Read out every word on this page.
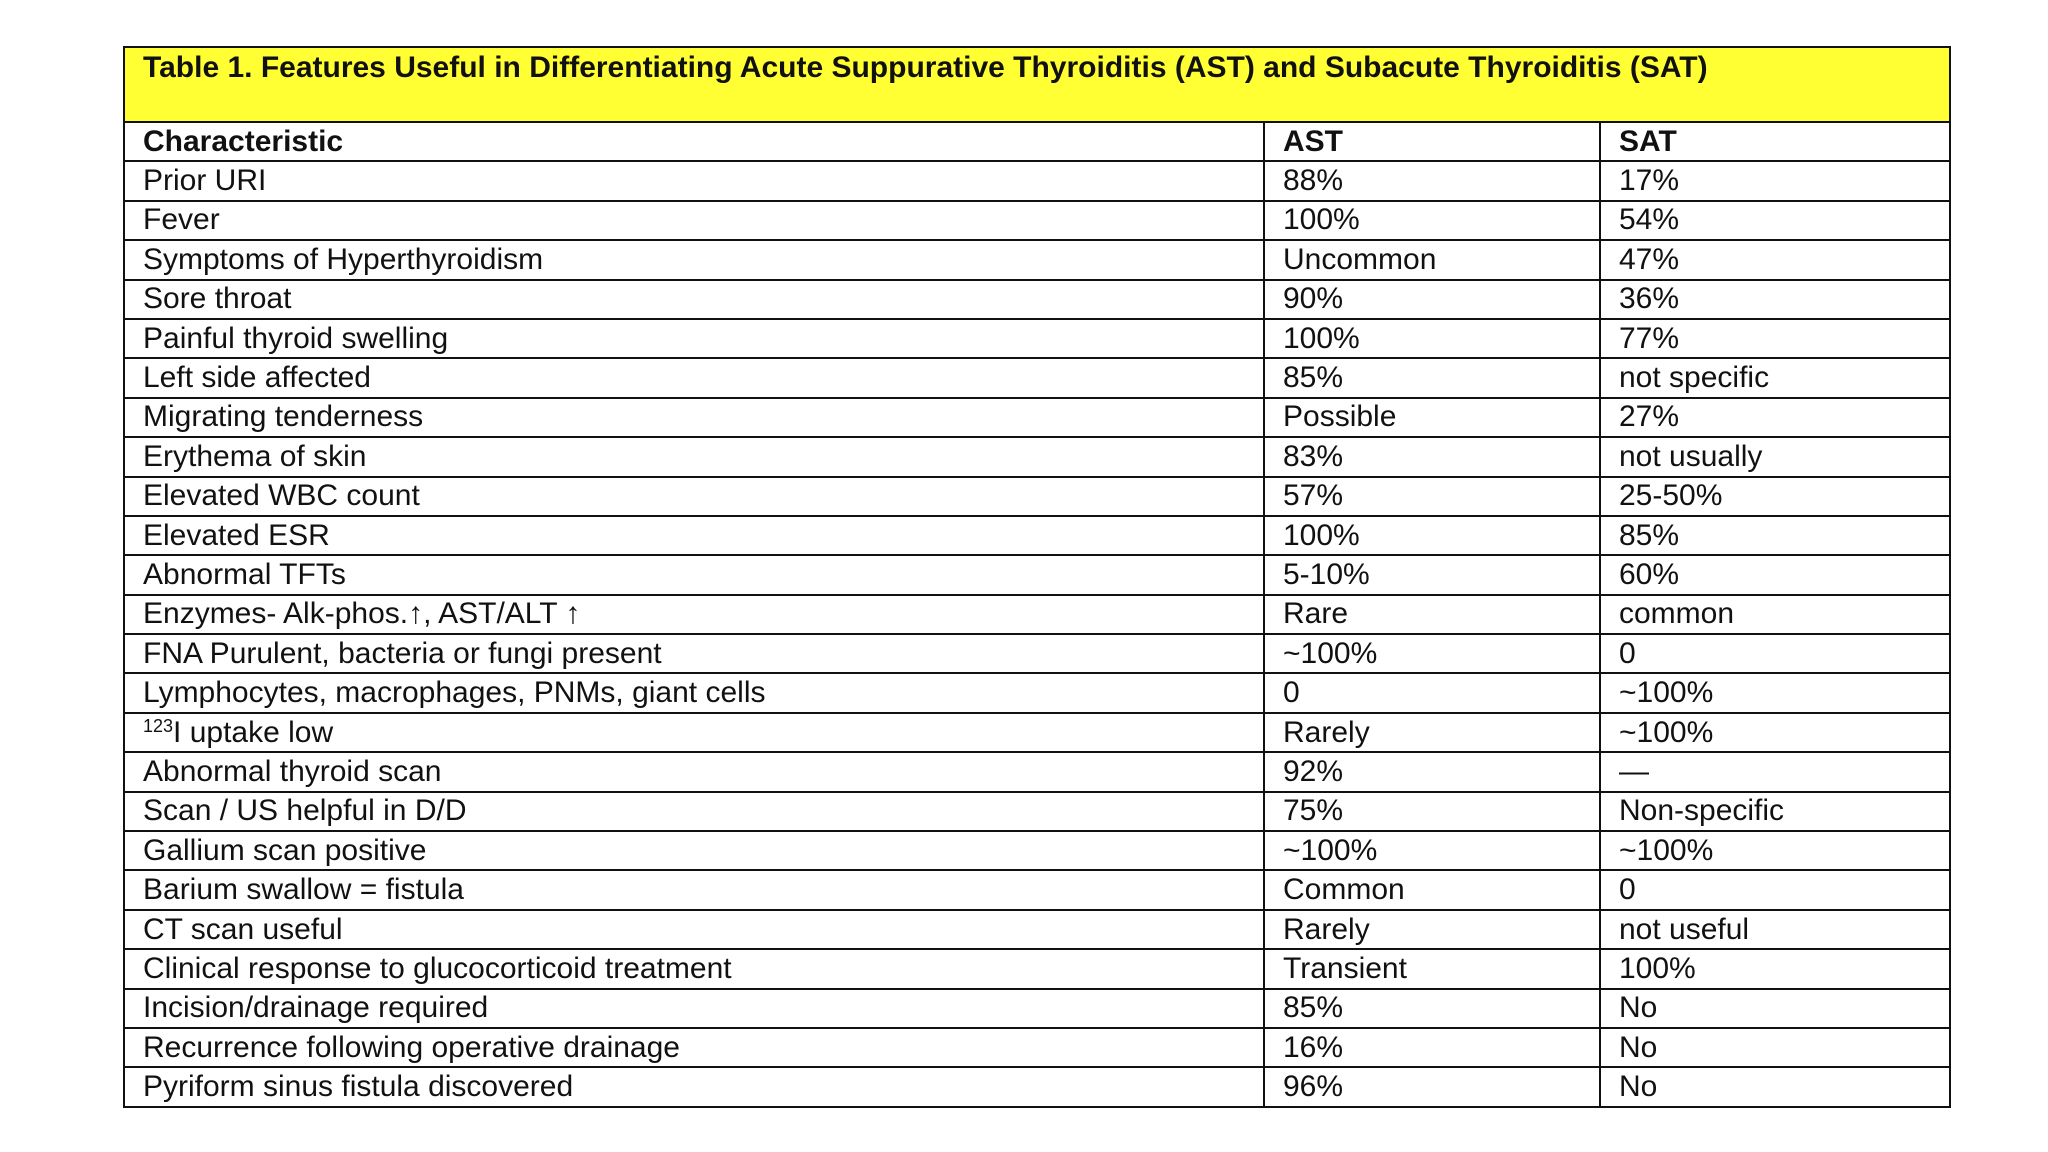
Table 1. Features Useful in Differentiating Acute Suppurative Thyroiditis (AST) and Subacute Thyroiditis (SAT)		
Characteristic	AST	SAT
Prior URI	88%	17%
Fever	100%	54%
Symptoms of Hyperthyroidism	Uncommon	47%
Sore throat	90%	36%
Painful thyroid swelling	100%	77%
Left side affected	85%	not specific
Migrating tenderness	Possible	27%
Erythema of skin	83%	not usually
Elevated WBC count	57%	25-50%
Elevated ESR	100%	85%
Abnormal TFTs	5-10%	60%
Enzymes- Alk-phos.↑, AST/ALT ↑	Rare	common
FNA Purulent, bacteria or fungi present	~100%	0
Lymphocytes, macrophages, PNMs, giant cells	0	~100%
$^{123}$I uptake low	Rarely	~100%
Abnormal thyroid scan	92%	—
Scan / US helpful in D/D	75%	Non-specific
Gallium scan positive	~100%	~100%
Barium swallow = fistula	Common	0
CT scan useful	Rarely	not useful
Clinical response to glucocorticoid treatment	Transient	100%
Incision/drainage required	85%	No
Recurrence following operative drainage	16%	No
Pyriform sinus fistula discovered	96%	No
